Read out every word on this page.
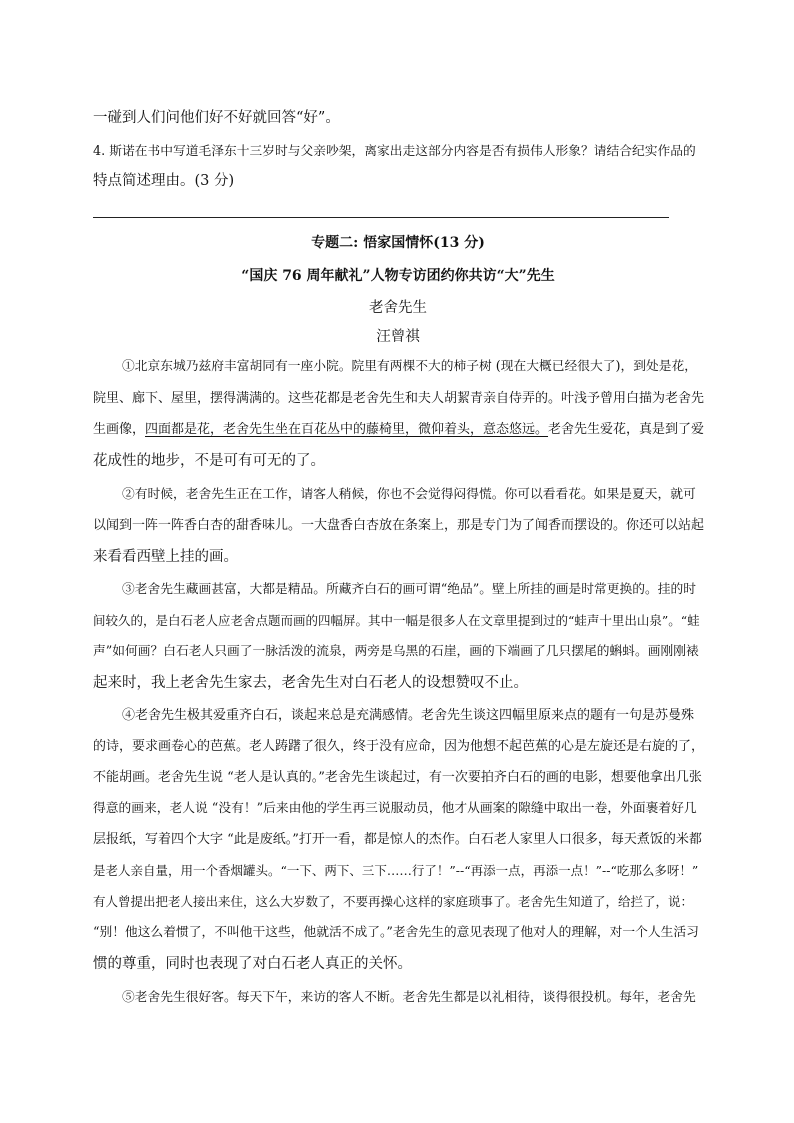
一碰到人们问他们好不好就回答“好”。
4. 斯诺在书中写道毛泽东十三岁时与父亲吵架，离家出走这部分内容是否有损伟人形象？请结合纪实作品的
特点简述理由。(3 分)
专题二: 悟家国情怀(13 分)
“国庆 76 周年献礼”人物专访团约你共访“大”先生
老舍先生
汪曾祺
①北京东城乃兹府丰富胡同有一座小院。院里有两棵不大的柿子树 (现在大概已经很大了)，到处是花，
院里、廊下、屋里，摆得满满的。这些花都是老舍先生和夫人胡絜青亲自侍弄的。叶浅予曾用白描为老舍先
生画像，四面都是花，老舍先生坐在百花丛中的藤椅里，微仰着头，意态悠远。老舍先生爱花，真是到了爱
花成性的地步，不是可有可无的了。
②有时候，老舍先生正在工作，请客人稍候，你也不会觉得闷得慌。你可以看看花。如果是夏天，就可
以闻到一阵一阵香白杏的甜香味儿。一大盘香白杏放在条案上，那是专门为了闻香而摆设的。你还可以站起
来看看西壁上挂的画。
③老舍先生藏画甚富，大都是精品。所藏齐白石的画可谓“绝品”。壁上所挂的画是时常更换的。挂的时
间较久的，是白石老人应老舍点题而画的四幅屏。其中一幅是很多人在文章里提到过的“蛙声十里出山泉”。“蛙
声”如何画？白石老人只画了一脉活泼的流泉，两旁是乌黑的石崖，画的下端画了几只摆尾的蝌蚪。画刚刚裱
起来时，我上老舍先生家去，老舍先生对白石老人的设想赞叹不止。
④老舍先生极其爱重齐白石，谈起来总是充满感情。老舍先生谈这四幅里原来点的题有一句是苏曼殊
的诗，要求画卷心的芭蕉。老人踌躇了很久，终于没有应命，因为他想不起芭蕉的心是左旋还是右旋的了，
不能胡画。老舍先生说 “老人是认真的。”老舍先生谈起过，有一次要拍齐白石的画的电影，想要他拿出几张
得意的画来，老人说 “没有！”后来由他的学生再三说服动员，他才从画案的隙缝中取出一卷，外面裹着好几
层报纸，写着四个大字 “此是废纸。”打开一看，都是惊人的杰作。白石老人家里人口很多，每天煮饭的米都
是老人亲自量，用一个香烟罐头。“一下、两下、三下……行了！”--“再添一点，再添一点！”--“吃那么多呀！”
有人曾提出把老人接出来住，这么大岁数了，不要再操心这样的家庭琐事了。老舍先生知道了，给拦了，说：
“别！他这么着惯了，不叫他干这些，他就活不成了。”老舍先生的意见表现了他对人的理解，对一个人生活习
惯的尊重，同时也表现了对白石老人真正的关怀。
⑤老舍先生很好客。每天下午，来访的客人不断。老舍先生都是以礼相待，谈得很投机。每年，老舍先
